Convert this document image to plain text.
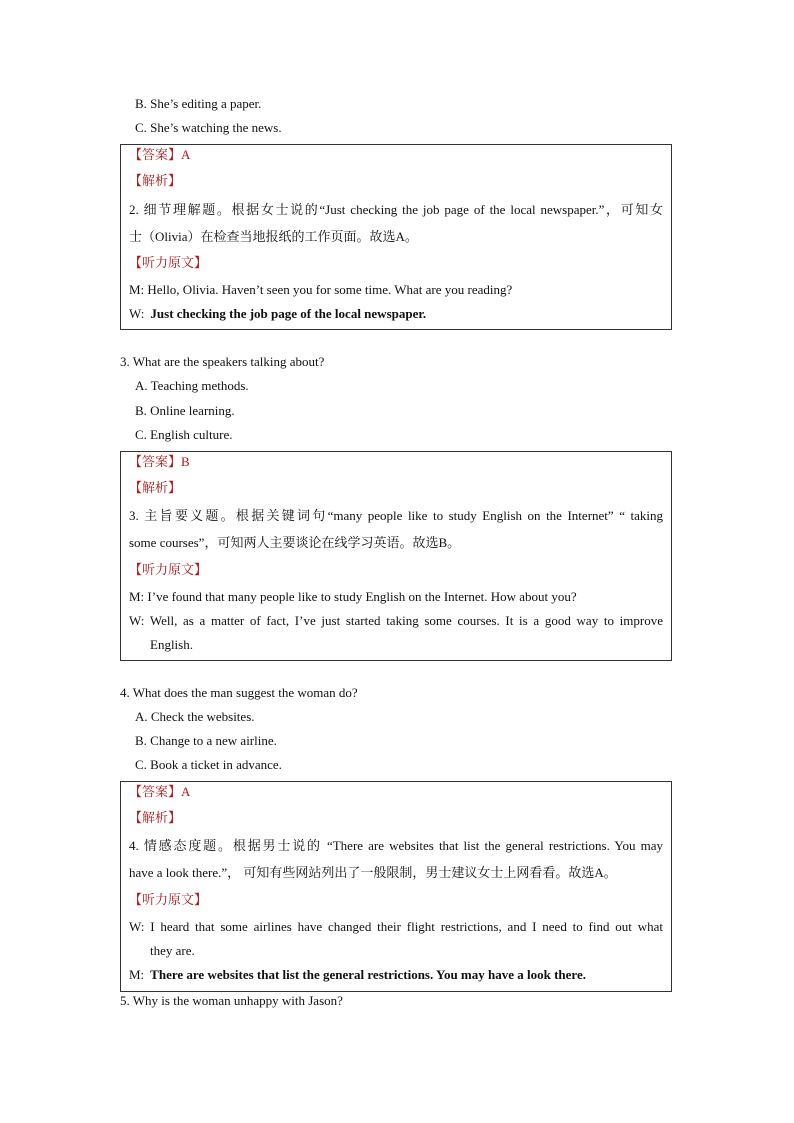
B. She’s editing a paper.
C. She’s watching the news.
【答案】A
【解析】
2. 细节理解题。根据女士说的“Just checking the job page of the local newspaper.”，可知女
士（Olivia）在检查当地报纸的工作页面。故选A。
【听力原文】
M: Hello, Olivia. Haven’t seen you for some time. What are you reading?
W: Just checking the job page of the local newspaper.
3. What are the speakers talking about?
A. Teaching methods.
B. Online learning.
C. English culture.
【答案】B
【解析】
3. 主旨要义题。根据关键词句“many people like to study English on the Internet” “ taking
some courses”，可知两人主要谈论在线学习英语。故选B。
【听力原文】
M: I’ve found that many people like to study English on the Internet. How about you?
W: Well, as a matter of fact, I’ve just started taking some courses. It is a good way to improve
English.
4. What does the man suggest the woman do?
A. Check the websites.
B. Change to a new airline.
C. Book a ticket in advance.
【答案】A
【解析】
4. 情感态度题。根据男士说的 “There are websites that list the general restrictions. You may
have a look there.”， 可知有些网站列出了一般限制，男士建议女士上网看看。故选A。
【听力原文】
W: I heard that some airlines have changed their flight restrictions, and I need to find out what
they are.
M: There are websites that list the general restrictions. You may have a look there.
5. Why is the woman unhappy with Jason?
